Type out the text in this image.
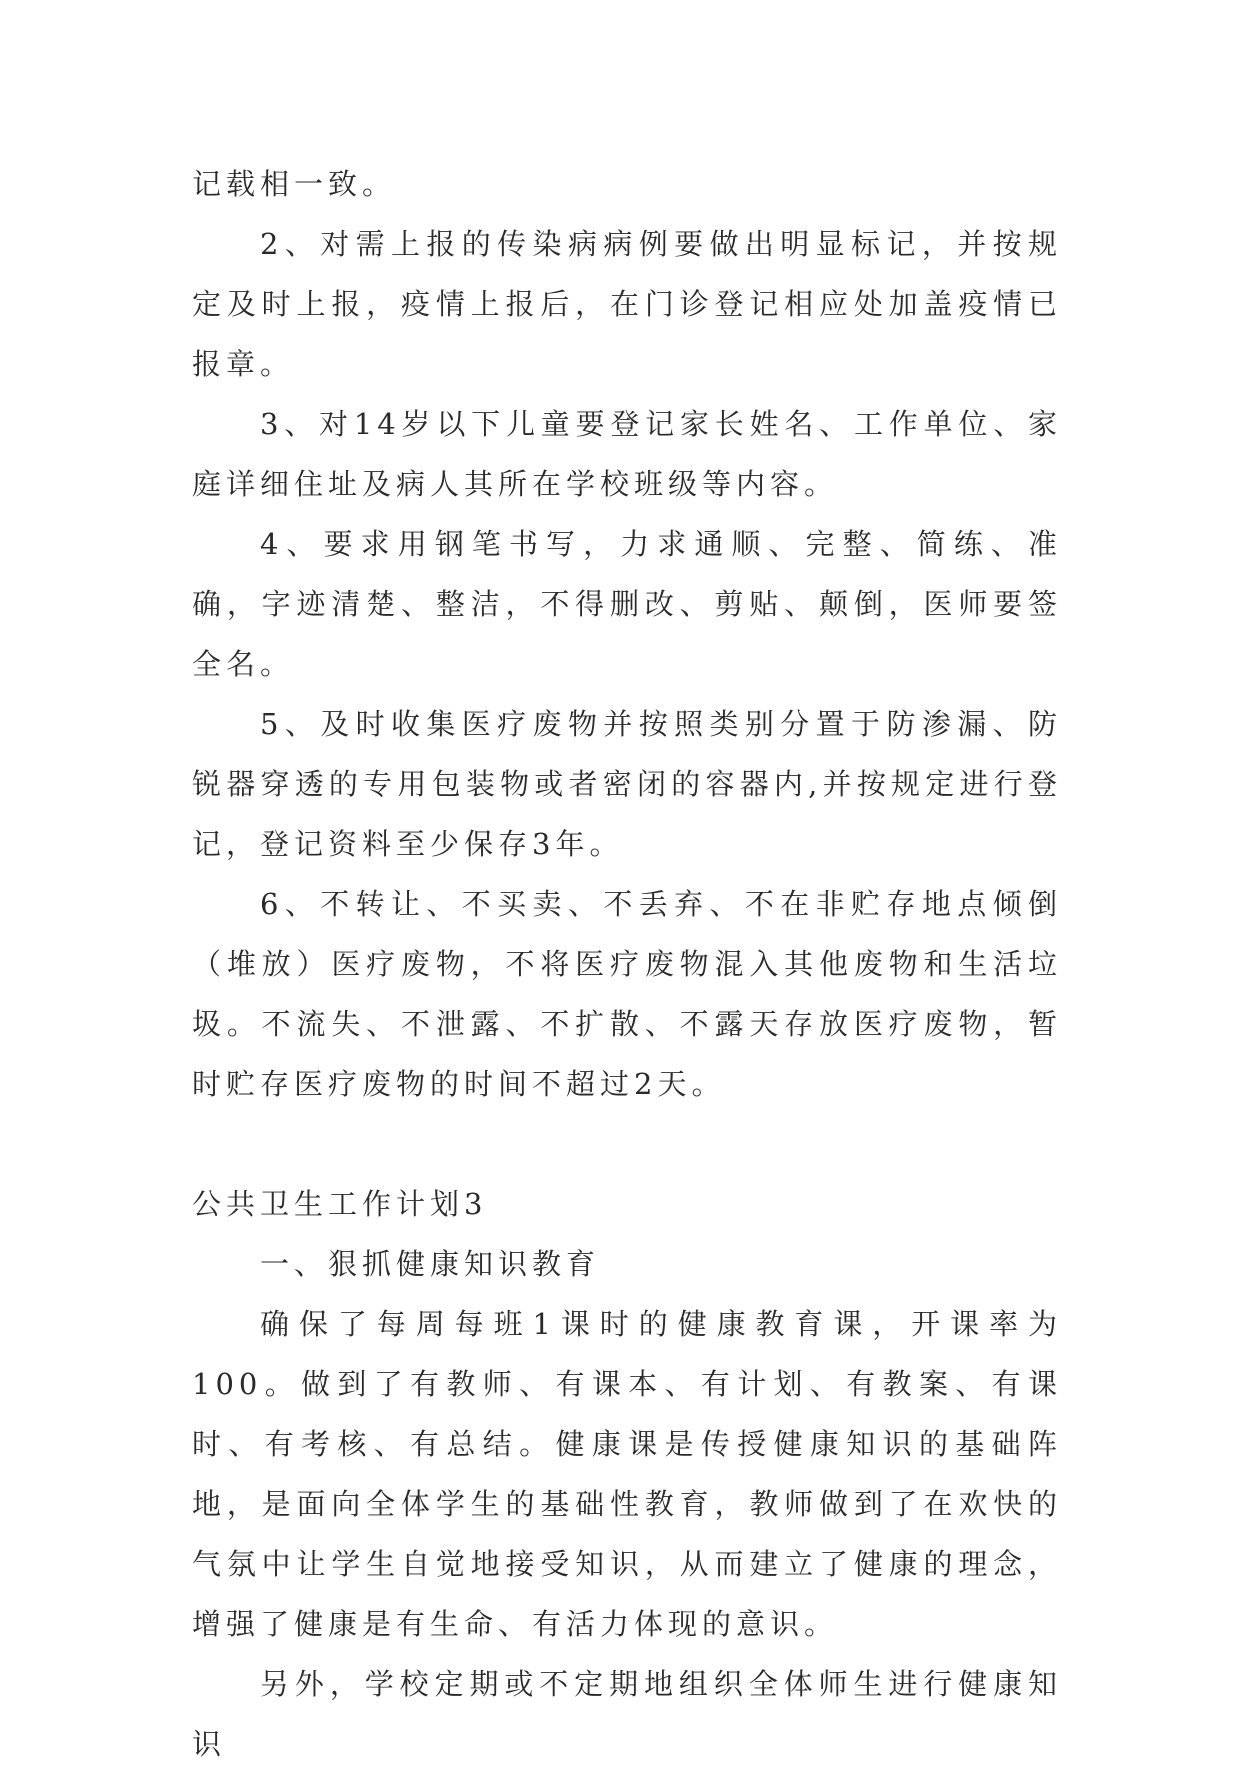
记载相一致。

2、对需上报的传染病病例要做出明显标记，并按规定及时上报，疫情上报后，在门诊登记相应处加盖疫情已报章。

3、对14岁以下儿童要登记家长姓名、工作单位、家庭详细住址及病人其所在学校班级等内容。

4、要求用钢笔书写，力求通顺、完整、简练、准确，字迹清楚、整洁，不得删改、剪贴、颠倒，医师要签全名。

5、及时收集医疗废物并按照类别分置于防渗漏、防锐器穿透的专用包装物或者密闭的容器内,并按规定进行登记，登记资料至少保存3年。

6、不转让、不买卖、不丢弃、不在非贮存地点倾倒（堆放）医疗废物，不将医疗废物混入其他废物和生活垃圾。不流失、不泄露、不扩散、不露天存放医疗废物，暂时贮存医疗废物的时间不超过2天。

公共卫生工作计划3

一、狠抓健康知识教育

确保了每周每班1课时的健康教育课，开课率为100。做到了有教师、有课本、有计划、有教案、有课时、有考核、有总结。健康课是传授健康知识的基础阵地，是面向全体学生的基础性教育，教师做到了在欢快的气氛中让学生自觉地接受知识，从而建立了健康的理念，增强了健康是有生命、有活力体现的意识。

另外，学校定期或不定期地组织全体师生进行健康知识
